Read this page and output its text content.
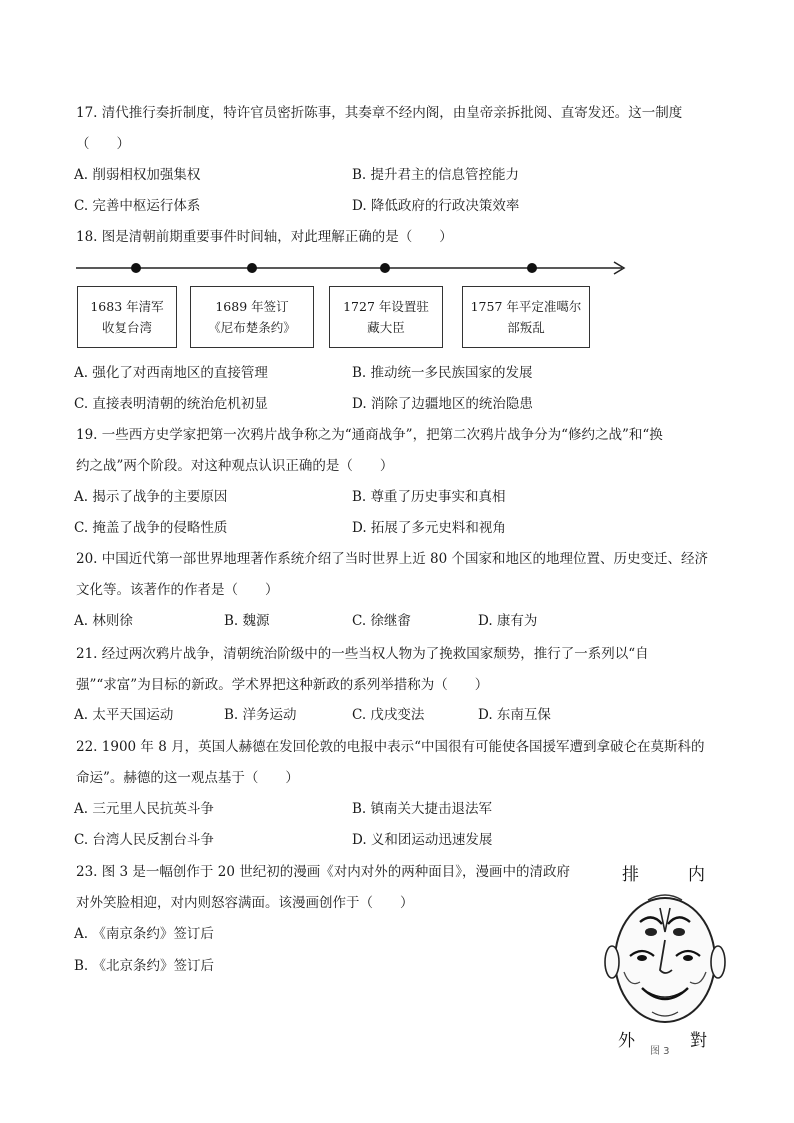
17. 清代推行奏折制度，特许官员密折陈事，其奏章不经内阁，由皇帝亲拆批阅、直寄发还。这一制度
（　　）
A. 削弱相权加强集权	B. 提升君主的信息管控能力
C. 完善中枢运行体系	D. 降低政府的行政决策效率
18. 图是清朝前期重要事件时间轴，对此理解正确的是（　　）
1683 年清军
收复台湾
1689 年签订
《尼布楚条约》
1727 年设置驻
藏大臣
1757 年平定准噶尔
部叛乱
A. 强化了对西南地区的直接管理	B. 推动统一多民族国家的发展
C. 直接表明清朝的统治危机初显	D. 消除了边疆地区的统治隐患
19. 一些西方史学家把第一次鸦片战争称之为“通商战争”，把第二次鸦片战争分为“修约之战”和“换
约之战”两个阶段。对这种观点认识正确的是（　　）
A. 揭示了战争的主要原因	B. 尊重了历史事实和真相
C. 掩盖了战争的侵略性质	D. 拓展了多元史料和视角
20. 中国近代第一部世界地理著作系统介绍了当时世界上近 80 个国家和地区的地理位置、历史变迁、经济
文化等。该著作的作者是（　　）
A. 林则徐	B. 魏源	C. 徐继畬	D. 康有为
21. 经过两次鸦片战争，清朝统治阶级中的一些当权人物为了挽救国家颓势，推行了一系列以“自
强”“求富”为目标的新政。学术界把这种新政的系列举措称为（　　）
A. 太平天国运动	B. 洋务运动	C. 戊戌变法	D. 东南互保
22. 1900 年 8 月，英国人赫德在发回伦敦的电报中表示“中国很有可能使各国援军遭到拿破仑在莫斯科的
命运”。赫德的这一观点基于（　　）
A. 三元里人民抗英斗争	B. 镇南关大捷击退法军
C. 台湾人民反割台斗争	D. 义和团运动迅速发展
23. 图 3 是一幅创作于 20 世纪初的漫画《对内对外的两种面目》，漫画中的清政府
对外笑脸相迎，对内则怒容满面。该漫画创作于（　　）
A. 《南京条约》签订后
B. 《北京条约》签订后
排	内
外	對
图 3
